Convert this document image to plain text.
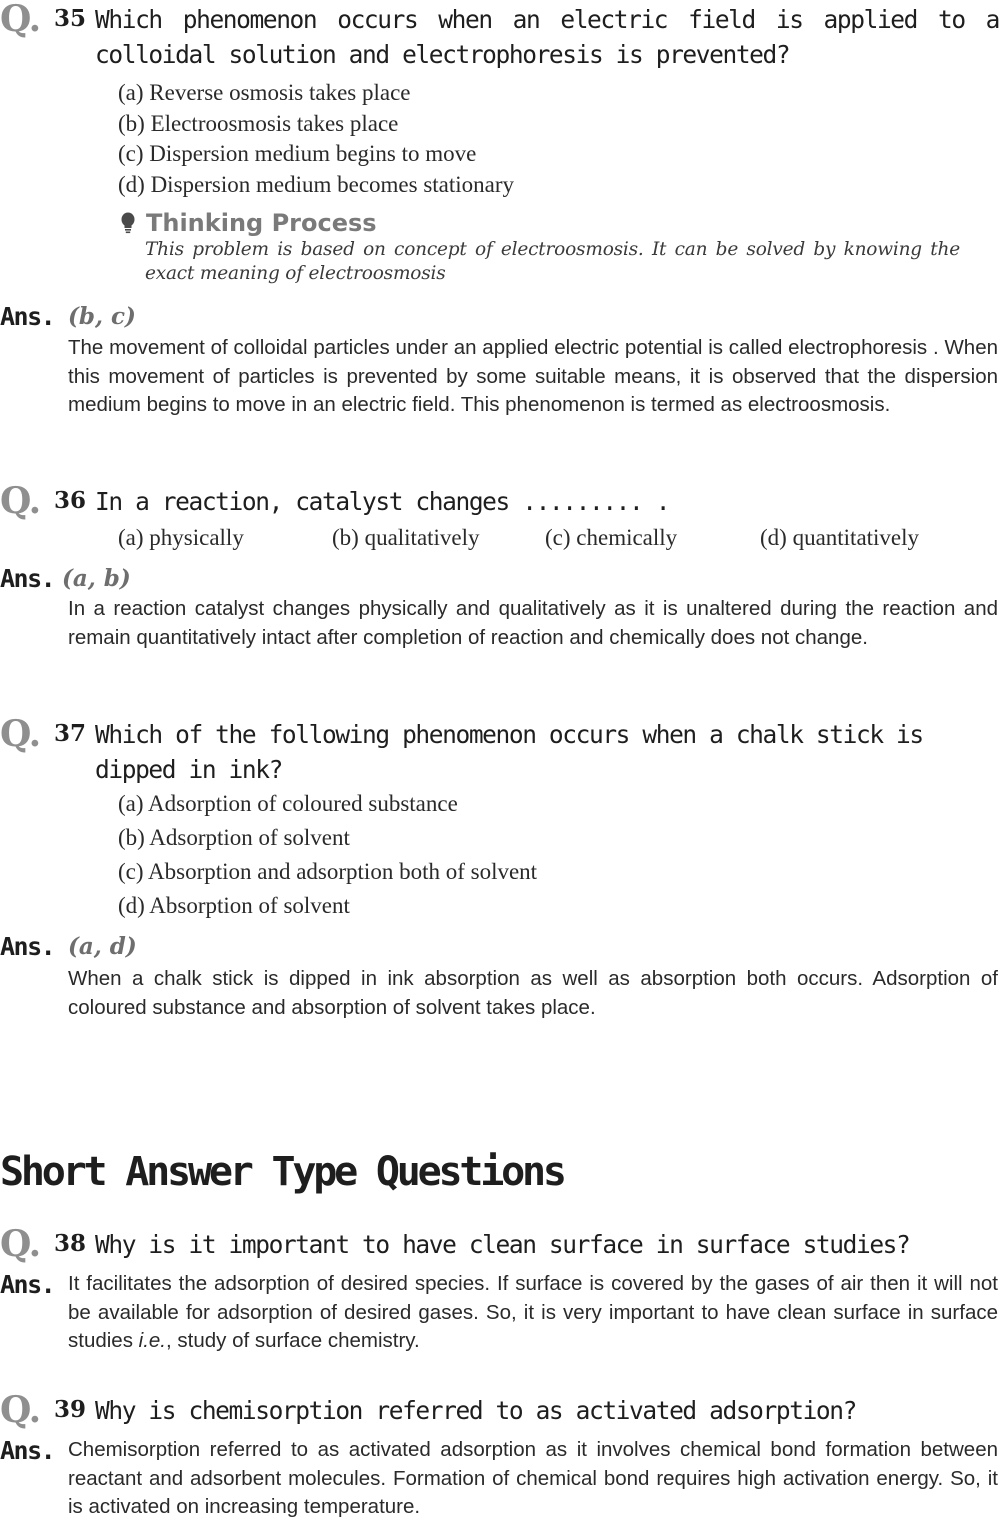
Q. 35 Which phenomenon occurs when an electric field is applied to a colloidal solution and electrophoresis is prevented?
(a) Reverse osmosis takes place
(b) Electroosmosis takes place
(c) Dispersion medium begins to move
(d) Dispersion medium becomes stationary
Thinking Process
This problem is based on concept of electroosmosis. It can be solved by knowing the exact meaning of electroosmosis
Ans. (b, c)
The movement of colloidal particles under an applied electric potential is called electrophoresis . When this movement of particles is prevented by some suitable means, it is observed that the dispersion medium begins to move in an electric field. This phenomenon is termed as electroosmosis.
Q. 36 In a reaction, catalyst changes ......... .
(a) physically	(b) qualitatively	(c) chemically	(d) quantitatively
Ans. (a, b)
In a reaction catalyst changes physically and qualitatively as it is unaltered during the reaction and remain quantitatively intact after completion of reaction and chemically does not change.
Q. 37 Which of the following phenomenon occurs when a chalk stick is dipped in ink?
(a) Adsorption of coloured substance
(b) Adsorption of solvent
(c) Absorption and adsorption both of solvent
(d) Absorption of solvent
Ans. (a, d)
When a chalk stick is dipped in ink absorption as well as absorption both occurs. Adsorption of coloured substance and absorption of solvent takes place.
Short Answer Type Questions
Q. 38 Why is it important to have clean surface in surface studies?
Ans. It facilitates the adsorption of desired species. If surface is covered by the gases of air then it will not be available for adsorption of desired gases. So, it is very important to have clean surface in surface studies i.e., study of surface chemistry.
Q. 39 Why is chemisorption referred to as activated adsorption?
Ans. Chemisorption referred to as activated adsorption as it involves chemical bond formation between reactant and adsorbent molecules. Formation of chemical bond requires high activation energy. So, it is activated on increasing temperature.
